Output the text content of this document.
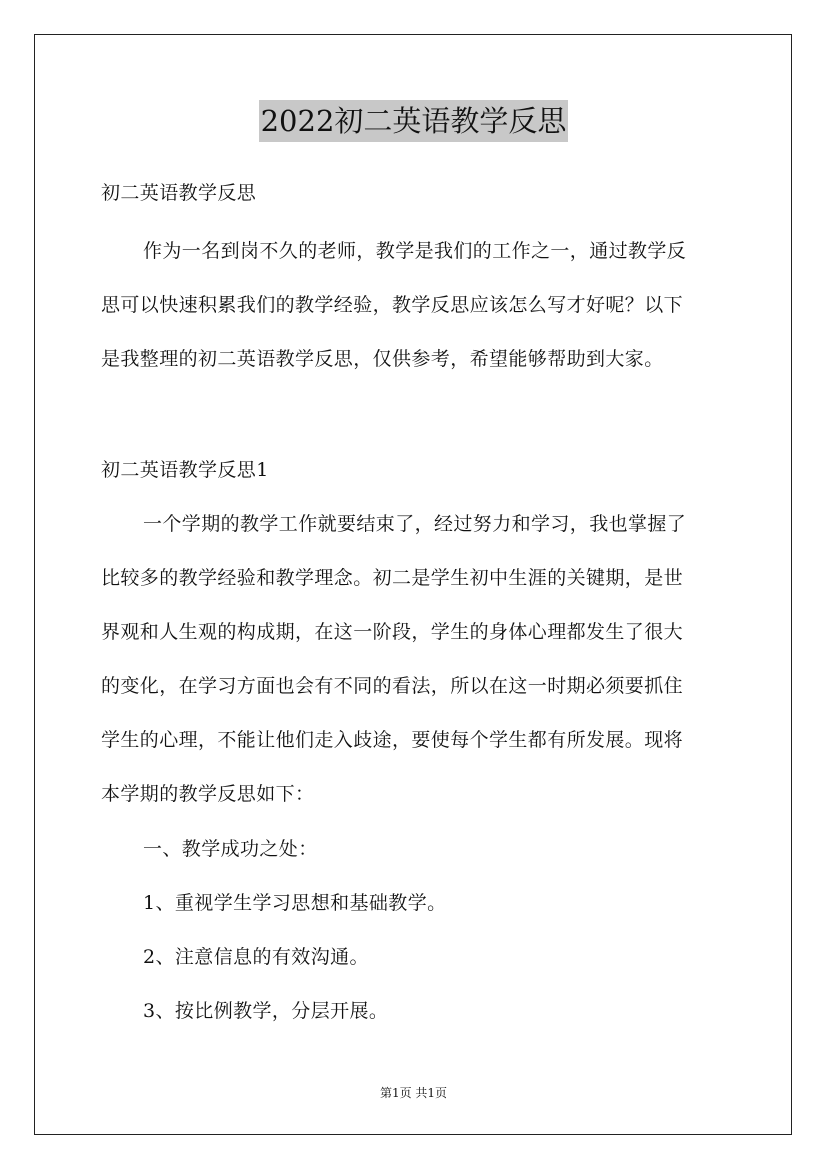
2022初二英语教学反思
初二英语教学反思
作为一名到岗不久的老师，教学是我们的工作之一，通过教学反
思可以快速积累我们的教学经验，教学反思应该怎么写才好呢？以下
是我整理的初二英语教学反思，仅供参考，希望能够帮助到大家。
初二英语教学反思1
一个学期的教学工作就要结束了，经过努力和学习，我也掌握了
比较多的教学经验和教学理念。初二是学生初中生涯的关键期，是世
界观和人生观的构成期，在这一阶段，学生的身体心理都发生了很大
的变化，在学习方面也会有不同的看法，所以在这一时期必须要抓住
学生的心理，不能让他们走入歧途，要使每个学生都有所发展。现将
本学期的教学反思如下：
一、教学成功之处：
1、重视学生学习思想和基础教学。
2、注意信息的有效沟通。
3、按比例教学，分层开展。
第1页 共1页
